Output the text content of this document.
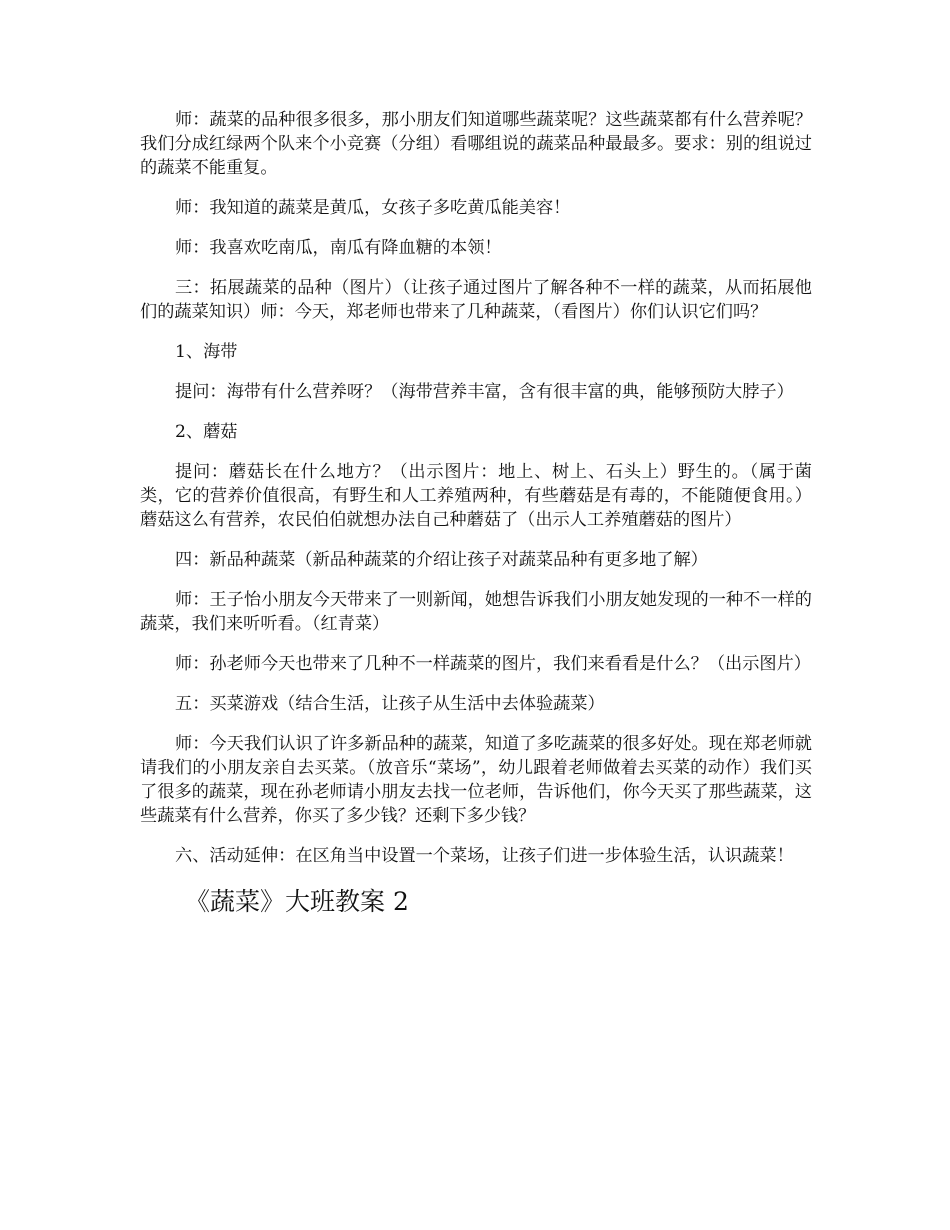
师：蔬菜的品种很多很多，那小朋友们知道哪些蔬菜呢？这些蔬菜都有什么营养呢？我们分成红绿两个队来个小竞赛（分组）看哪组说的蔬菜品种最最多。要求：别的组说过的蔬菜不能重复。

师：我知道的蔬菜是黄瓜，女孩子多吃黄瓜能美容！

师：我喜欢吃南瓜，南瓜有降血糖的本领！

三：拓展蔬菜的品种（图片）（让孩子通过图片了解各种不一样的蔬菜，从而拓展他们的蔬菜知识）师：今天，郑老师也带来了几种蔬菜，（看图片）你们认识它们吗？

1、海带

提问：海带有什么营养呀？（海带营养丰富，含有很丰富的典，能够预防大脖子）

2、蘑菇

提问：蘑菇长在什么地方？（出示图片：地上、树上、石头上）野生的。（属于菌类，它的营养价值很高，有野生和人工养殖两种，有些蘑菇是有毒的，不能随便食用。）蘑菇这么有营养，农民伯伯就想办法自己种蘑菇了（出示人工养殖蘑菇的图片）

四：新品种蔬菜（新品种蔬菜的介绍让孩子对蔬菜品种有更多地了解）

师：王子怡小朋友今天带来了一则新闻，她想告诉我们小朋友她发现的一种不一样的蔬菜，我们来听听看。（红青菜）

师：孙老师今天也带来了几种不一样蔬菜的图片，我们来看看是什么？（出示图片）

五：买菜游戏（结合生活，让孩子从生活中去体验蔬菜）

师：今天我们认识了许多新品种的蔬菜，知道了多吃蔬菜的很多好处。现在郑老师就请我们的小朋友亲自去买菜。（放音乐“菜场”，幼儿跟着老师做着去买菜的动作）我们买了很多的蔬菜，现在孙老师请小朋友去找一位老师，告诉他们，你今天买了那些蔬菜，这些蔬菜有什么营养，你买了多少钱？还剩下多少钱？

六、活动延伸：在区角当中设置一个菜场，让孩子们进一步体验生活，认识蔬菜！

《蔬菜》大班教案 2
